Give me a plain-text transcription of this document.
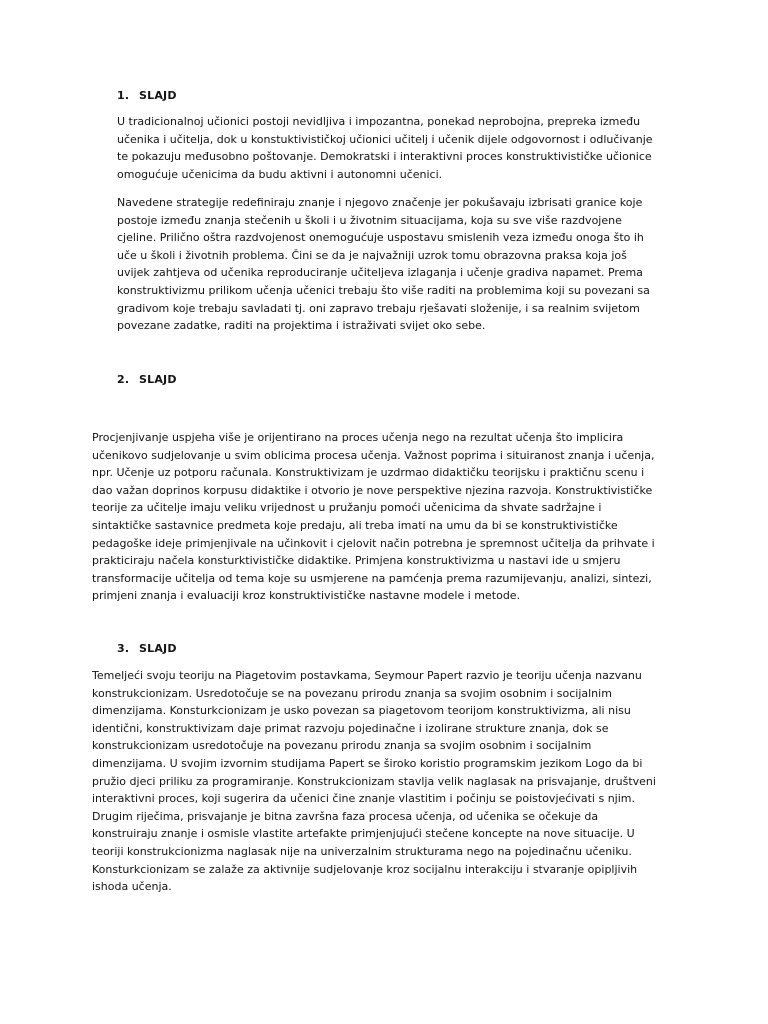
1. SLAJD
U tradicionalnoj učionici postoji nevidljiva i impozantna, ponekad neprobojna, prepreka između
učenika i učitelja, dok u konstuktivističkoj učionici učitelj i učenik dijele odgovornost i odlučivanje
te pokazuju međusobno poštovanje. Demokratski i interaktivni proces konstruktivističke učionice
omogućuje učenicima da budu aktivni i autonomni učenici.
Navedene strategije redefiniraju znanje i njegovo značenje jer pokušavaju izbrisati granice koje
postoje između znanja stečenih u školi i u životnim situacijama, koja su sve više razdvojene
cjeline. Prilično oštra razdvojenost onemogućuje uspostavu smislenih veza između onoga što ih
uče u školi i životnih problema. Čini se da je najvažniji uzrok tomu obrazovna praksa koja još
uvijek zahtjeva od učenika reproduciranje učiteljeva izlaganja i učenje gradiva napamet. Prema
konstruktivizmu prilikom učenja učenici trebaju što više raditi na problemima koji su povezani sa
gradivom koje trebaju savladati tj. oni zapravo trebaju rješavati složenije, i sa realnim svijetom
povezane zadatke, raditi na projektima i istraživati svijet oko sebe.
2. SLAJD
Procjenjivanje uspjeha više je orijentirano na proces učenja nego na rezultat učenja što implicira
učenikovo sudjelovanje u svim oblicima procesa učenja. Važnost poprima i situiranost znanja i učenja,
npr. Učenje uz potporu računala. Konstruktivizam je uzdrmao didaktičku teorijsku i praktičnu scenu i
dao važan doprinos korpusu didaktike i otvorio je nove perspektive njezina razvoja. Konstruktivističke
teorije za učitelje imaju veliku vrijednost u pružanju pomoći učenicima da shvate sadržajne i
sintaktičke sastavnice predmeta koje predaju, ali treba imati na umu da bi se konstruktivističke
pedagoške ideje primjenjivale na učinkovit i cjelovit način potrebna je spremnost učitelja da prihvate i
prakticiraju načela konsturktivističke didaktike. Primjena konstruktivizma u nastavi ide u smjeru
transformacije učitelja od tema koje su usmjerene na pamćenja prema razumijevanju, analizi, sintezi,
primjeni znanja i evaluaciji kroz konstruktivističke nastavne modele i metode.
3. SLAJD
Temeljeći svoju teoriju na Piagetovim postavkama, Seymour Papert razvio je teoriju učenja nazvanu
konstrukcionizam. Usredotočuje se na povezanu prirodu znanja sa svojim osobnim i socijalnim
dimenzijama. Konsturkcionizam je usko povezan sa piagetovom teorijom konstruktivizma, ali nisu
identični, konstruktivizam daje primat razvoju pojedinačne i izolirane strukture znanja, dok se
konstrukcionizam usredotočuje na povezanu prirodu znanja sa svojim osobnim i socijalnim
dimenzijama. U svojim izvornim studijama Papert se široko koristio programskim jezikom Logo da bi
pružio djeci priliku za programiranje. Konstrukcionizam stavlja velik naglasak na prisvajanje, društveni
interaktivni proces, koji sugerira da učenici čine znanje vlastitim i počinju se poistovjećivati s njim.
Drugim riječima, prisvajanje je bitna završna faza procesa učenja, od učenika se očekuje da
konstruiraju znanje i osmisle vlastite artefakte primjenjujući stečene koncepte na nove situacije. U
teoriji konstrukcionizma naglasak nije na univerzalnim strukturama nego na pojedinačnu učeniku.
Konsturkcionizam se zalaže za aktivnije sudjelovanje kroz socijalnu interakciju i stvaranje opipljivih
ishoda učenja.
